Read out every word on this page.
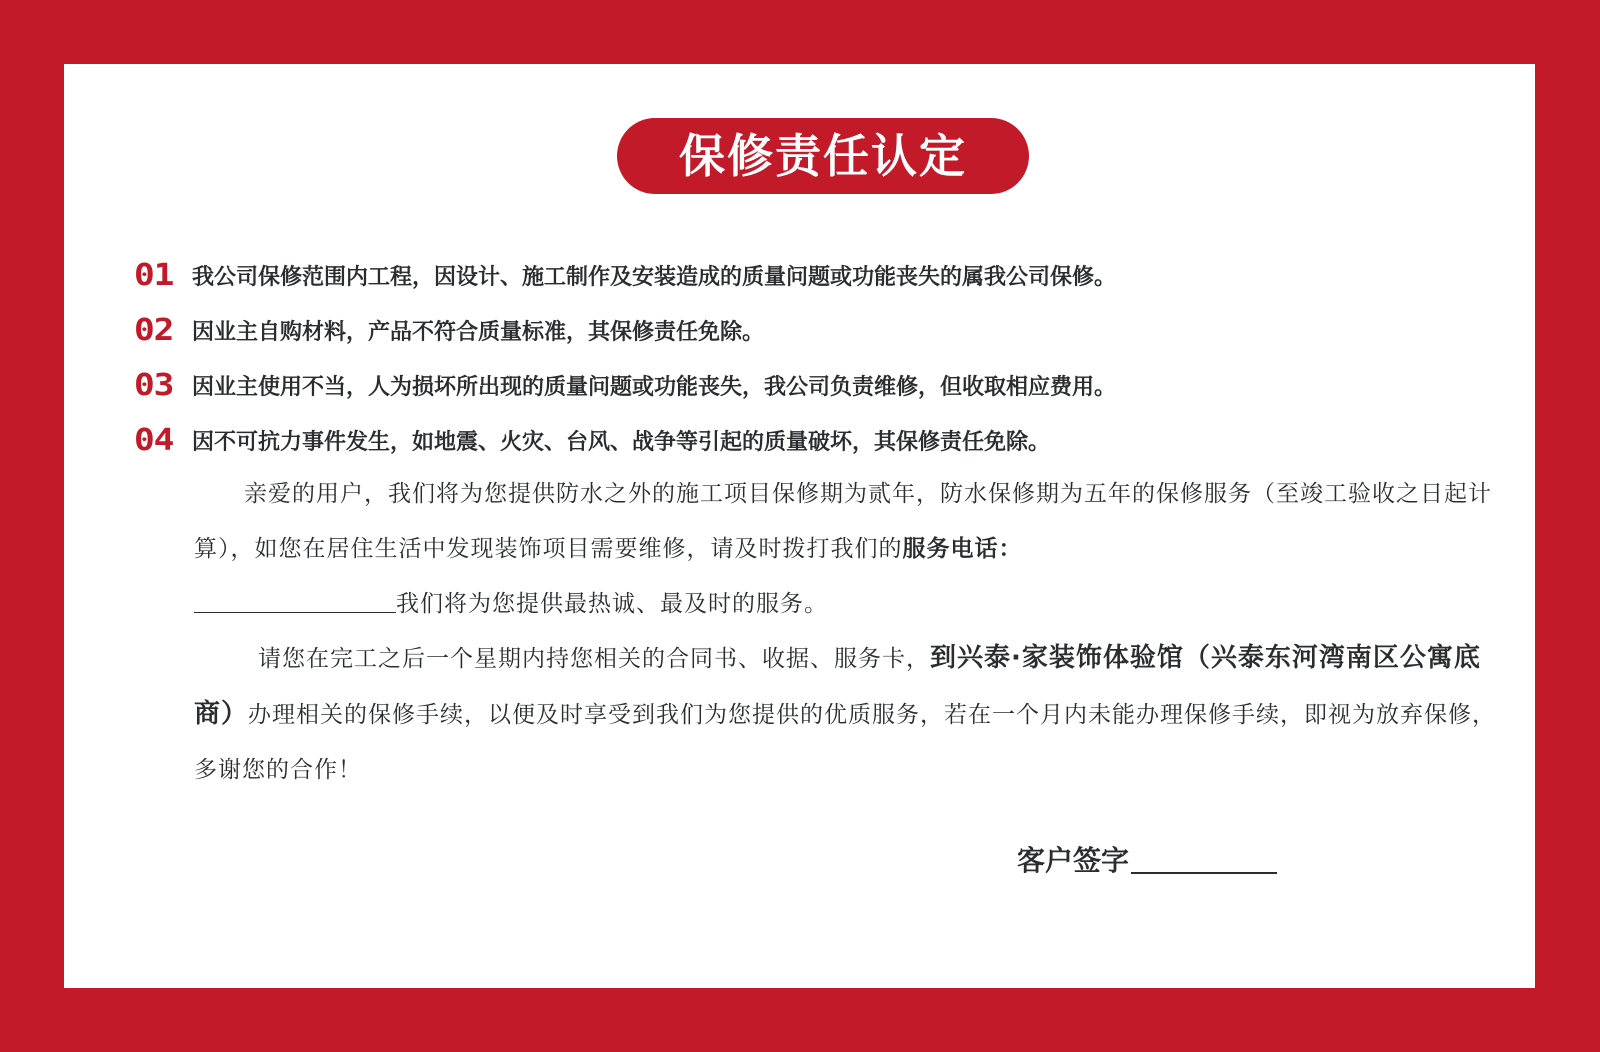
保修责任认定
01 我公司保修范围内工程，因设计、施工制作及安装造成的质量问题或功能丧失的属我公司保修。
02 因业主自购材料，产品不符合质量标准，其保修责任免除。
03 因业主使用不当，人为损坏所出现的质量问题或功能丧失，我公司负责维修，但收取相应费用。
04 因不可抗力事件发生，如地震、火灾、台风、战争等引起的质量破坏，其保修责任免除。
亲爱的用户，我们将为您提供防水之外的施工项目保修期为贰年，防水保修期为五年的保修服务（至竣工验收之日起计算），如您在居住生活中发现装饰项目需要维修，请及时拨打我们的服务电话：
我们将为您提供最热诚、最及时的服务。
请您在完工之后一个星期内持您相关的合同书、收据、服务卡，到兴泰·家装饰体验馆（兴泰东河湾南区公寓底商）办理相关的保修手续，以便及时享受到我们为您提供的优质服务，若在一个月内未能办理保修手续，即视为放弃保修，多谢您的合作！
客户签字
